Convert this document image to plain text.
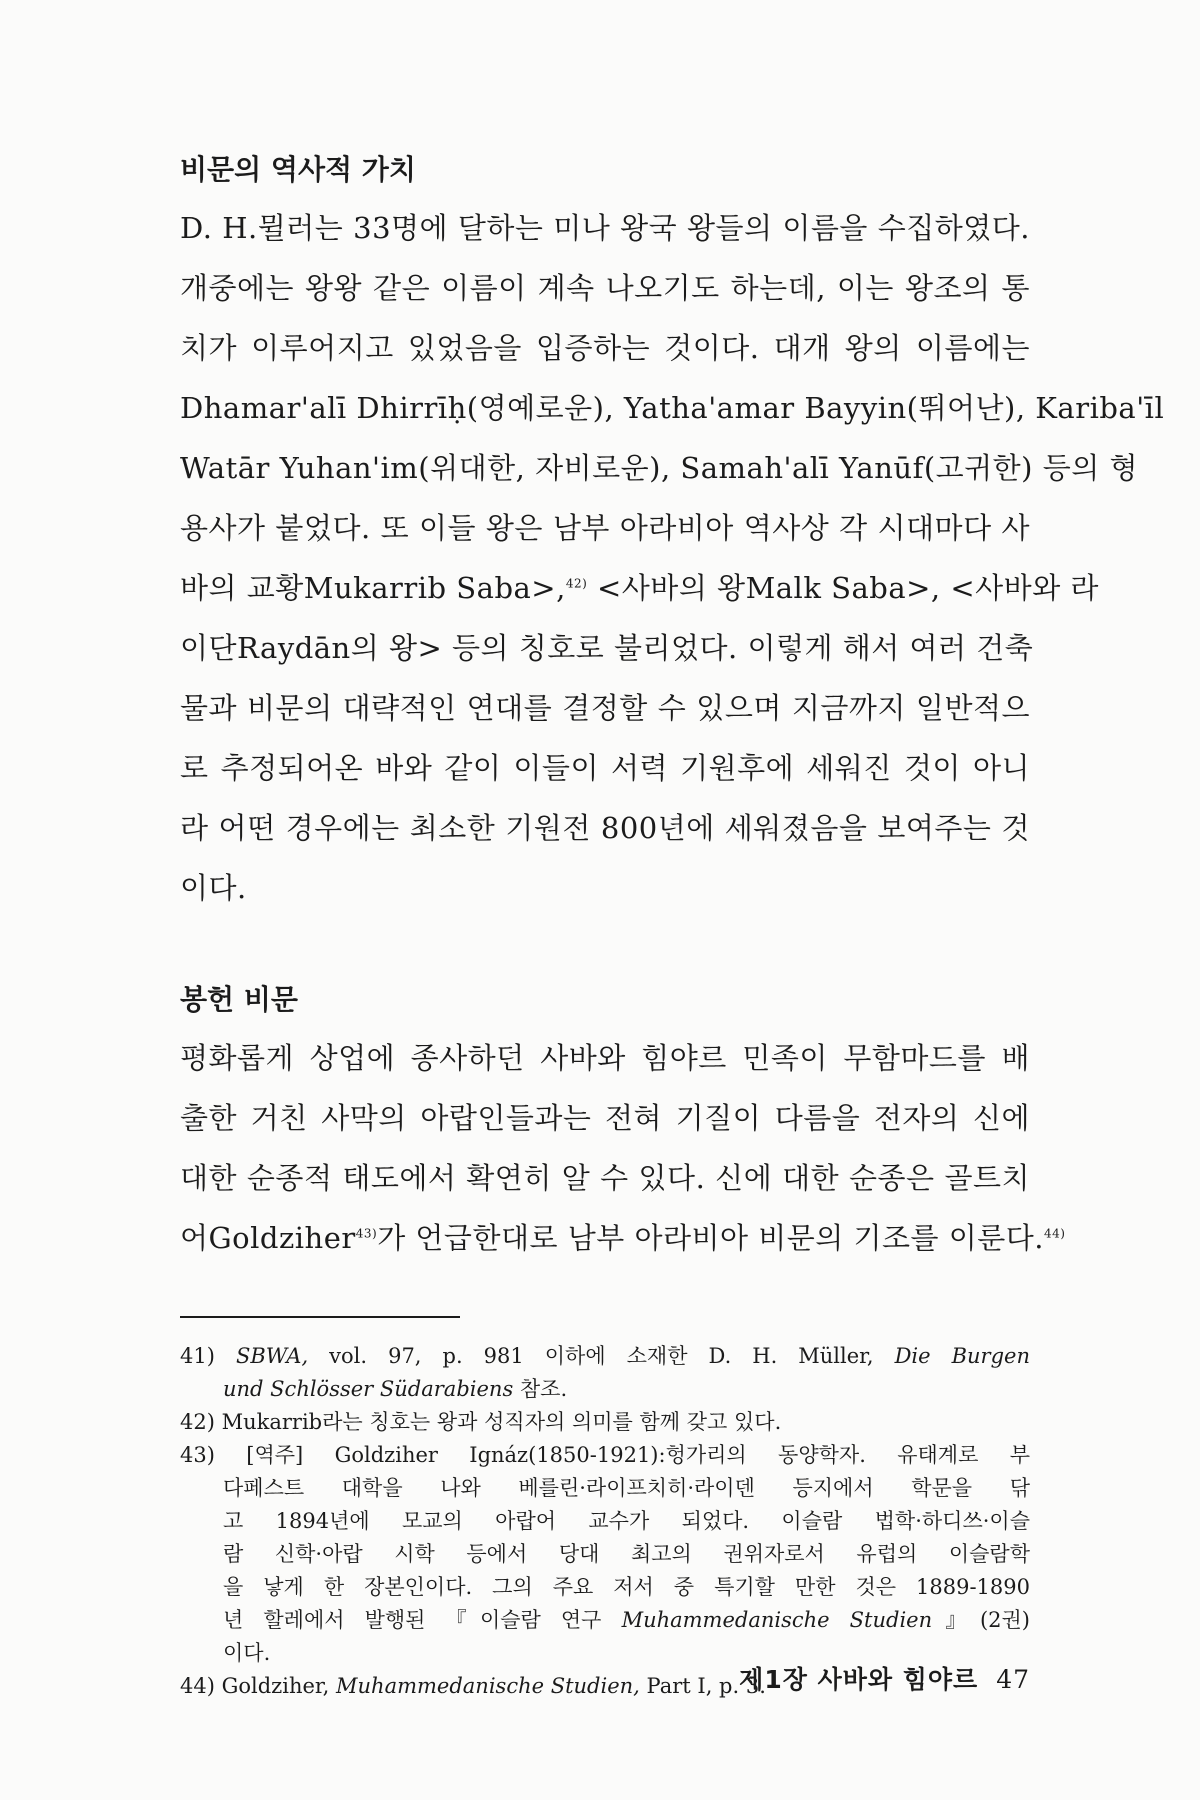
비문의 역사적 가치

D. H.뮐러는 33명에 달하는 미나 왕국 왕들의 이름을 수집하였다.

개중에는 왕왕 같은 이름이 계속 나오기도 하는데, 이는 왕조의 통

치가 이루어지고 있었음을 입증하는 것이다. 대개 왕의 이름에는

Dhamar'alī Dhirrīḥ(영예로운), Yatha'amar Bayyin(뛰어난), Kariba'īl

Watār Yuhan'im(위대한, 자비로운), Samah'alī Yanūf(고귀한) 등의 형

용사가 붙었다. 또 이들 왕은 남부 아라비아 역사상 각 시대마다 사

바의 교황Mukarrib Saba>,$^{42)}$ <사바의 왕Malk Saba>, <사바와 라

이단Raydān의 왕> 등의 칭호로 불리었다. 이렇게 해서 여러 건축

물과 비문의 대략적인 연대를 결정할 수 있으며 지금까지 일반적으

로 추정되어온 바와 같이 이들이 서력 기원후에 세워진 것이 아니

라 어떤 경우에는 최소한 기원전 800년에 세워졌음을 보여주는 것

이다.

봉헌 비문

평화롭게 상업에 종사하던 사바와 힘야르 민족이 무함마드를 배

출한 거친 사막의 아랍인들과는 전혀 기질이 다름을 전자의 신에

대한 순종적 태도에서 확연히 알 수 있다. 신에 대한 순종은 골트치

어Goldziher$^{43)}$가 언급한대로 남부 아라비아 비문의 기조를 이룬다.$^{44)}$

41) SBWA, vol. 97, p. 981 이하에 소재한 D. H. Müller, Die Burgen
und Schlösser Südarabiens 참조.

42) Mukarrib라는 칭호는 왕과 성직자의 의미를 함께 갖고 있다.

43) [역주] Goldziher Ignáz(1850-1921):헝가리의 동양학자. 유태계로 부
다페스트 대학을 나와 베를린·라이프치히·라이덴 등지에서 학문을 닦
고 1894년에 모교의 아랍어 교수가 되었다. 이슬람 법학·하디쓰·이슬
람 신학·아랍 시학 등에서 당대 최고의 권위자로서 유럽의 이슬람학
을 낳게 한 장본인이다. 그의 주요 저서 중 특기할 만한 것은 1889-1890
년 할레에서 발행된 『이슬람 연구 Muhammedanische Studien』(2권)
이다.

44) Goldziher, Muhammedanische Studien, Part I, p. 3.

제1장 사바와 힘야르 47
